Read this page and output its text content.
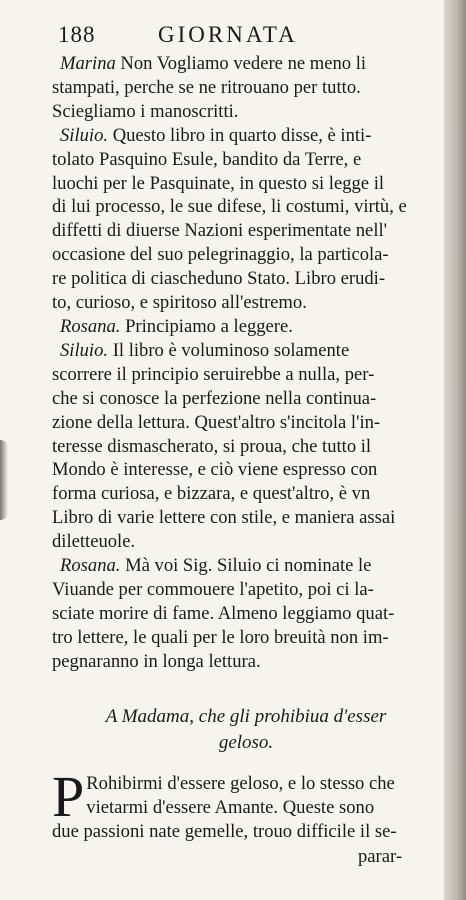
188	GIORNATA
Marina Non Vogliamo vedere ne meno li
stampati, perche se ne ritrouano per tutto.
Sciegliamo i manoscritti.
Siluio. Questo libro in quarto disse, è inti-
tolato Pasquino Esule, bandito da Terre, e
luochi per le Pasquinate, in questo si legge il
di lui processo, le sue difese, li costumi, virtù, e
diffetti di diuerse Nazioni esperimentate nell'
occasione del suo pelegrinaggio, la particola-
re politica di ciascheduno Stato. Libro erudi-
to, curioso, e spiritoso all'estremo.
Rosana. Principiamo a leggere.
Siluio. Il libro è voluminoso solamente
scorrere il principio seruirebbe a nulla, per-
che si conosce la perfezione nella continua-
zione della lettura. Quest'altro s'incitola l'in-
teresse dismascherato, si proua, che tutto il
Mondo è interesse, e ciò viene espresso con
forma curiosa, e bizzara, e quest'altro, è vn
Libro di varie lettere con stile, e maniera assai
diletteuole.
Rosana. Mà voi Sig. Siluio ci nominate le
Viuande per commouere l'apetito, poi ci la-
sciate morire di fame. Almeno leggiamo quat-
tro lettere, le quali per le loro breuità non im-
pegnaranno in longa lettura.
A Madama, che gli prohibiua d'esser
geloso.
P Rohibirmi d'essere geloso, e lo stesso che
vietarmi d'essere Amante. Queste sono
due passioni nate gemelle, trouo difficile il se-
parar-
